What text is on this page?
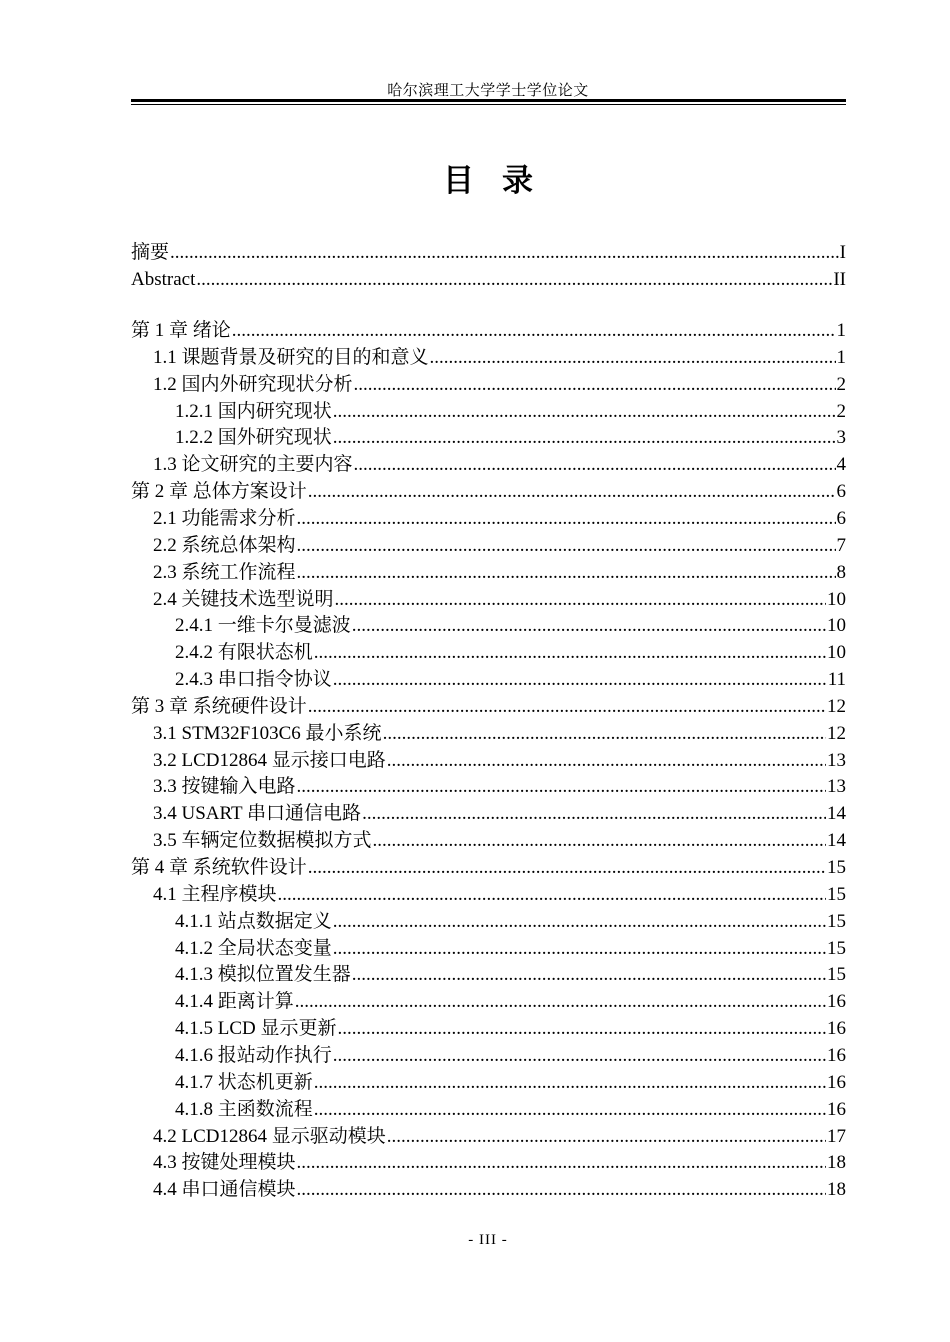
哈尔滨理工大学学士学位论文
目录
摘要 .....	I
Abstract .....	II
第 1 章 绪论 .....	1
1.1 课题背景及研究的目的和意义 .....	1
1.2 国内外研究现状分析 .....	2
1.2.1 国内研究现状 .....	2
1.2.2 国外研究现状 .....	3
1.3 论文研究的主要内容 .....	4
第 2 章 总体方案设计 .....	6
2.1 功能需求分析 .....	6
2.2 系统总体架构 .....	7
2.3 系统工作流程 .....	8
2.4 关键技术选型说明 .....	10
2.4.1 一维卡尔曼滤波 .....	10
2.4.2 有限状态机 .....	10
2.4.3 串口指令协议 .....	11
第 3 章 系统硬件设计 .....	12
3.1 STM32F103C6 最小系统 .....	12
3.2 LCD12864 显示接口电路 .....	13
3.3 按键输入电路 .....	13
3.4 USART 串口通信电路 .....	14
3.5 车辆定位数据模拟方式 .....	14
第 4 章 系统软件设计 .....	15
4.1 主程序模块 .....	15
4.1.1 站点数据定义 .....	15
4.1.2 全局状态变量 .....	15
4.1.3 模拟位置发生器 .....	15
4.1.4 距离计算 .....	16
4.1.5 LCD 显示更新 .....	16
4.1.6 报站动作执行 .....	16
4.1.7 状态机更新 .....	16
4.1.8 主函数流程 .....	16
4.2 LCD12864 显示驱动模块 .....	17
4.3 按键处理模块 .....	18
4.4 串口通信模块 .....	18
- III -
